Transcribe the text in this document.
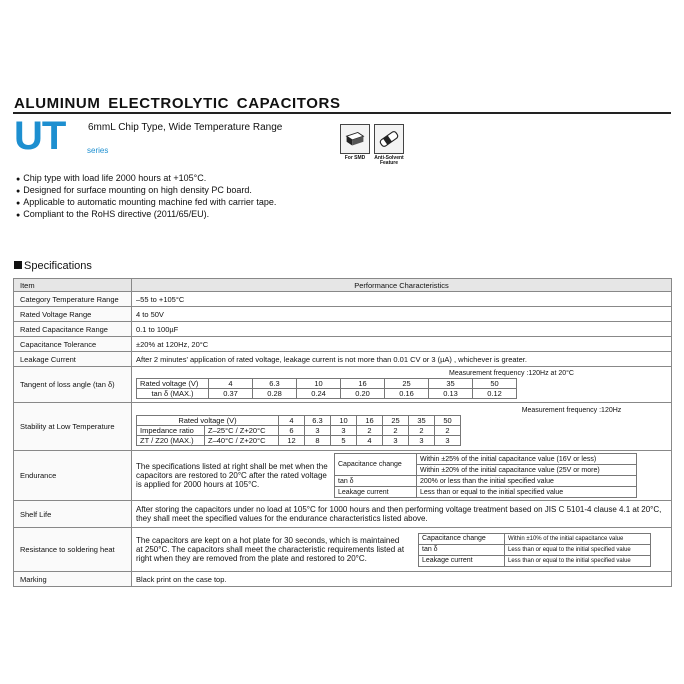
ALUMINUM ELECTROLYTIC CAPACITORS
UT	series
6mmL Chip Type, Wide Temperature Range
For SMD	Anti-Solvent Feature
● Chip type with load life 2000 hours at +105°C.
● Designed for surface mounting on high density PC board.
● Applicable to automatic mounting machine fed with carrier tape.
● Compliant to the RoHS directive (2011/65/EU).
Specifications
Item	Performance Characteristics
Category Temperature Range	–55 to +105°C
Rated Voltage Range	4 to 50V
Rated Capacitance Range	0.1 to 100µF
Capacitance Tolerance	±20% at 120Hz, 20°C
Leakage Current	After 2 minutes' application of rated voltage, leakage current is not more than 0.01 CV or 3 (µA) , whichever is greater.
Tangent of loss angle (tan δ)	
Measurement frequency :120Hz at 20°C
Rated voltage (V)	4	6.3	10	16	25	35	50
tan δ (MAX.)	0.37	0.28	0.24	0.20	0.16	0.13	0.12

Stability at Low Temperature	
Measurement frequency :120Hz
Rated voltage (V)	4	6.3	10	16	25	35	50
Impedance ratio	Z–25°C / Z+20°C	6	3	3	2	2	2	2
ZT / Z20 (MAX.)	Z–40°C / Z+20°C	12	8	5	4	3	3	3

Endurance	
The specifications listed at right shall be met when the capacitors are restored to 20°C after the rated voltage is applied for 2000 hours at 105°C.
Capacitance change	Within ±25% of the initial capacitance value (16V or less)
Within ±20% of the initial capacitance value (25V or more)
tan δ	200% or less than the initial specified value
Leakage current	Less than or equal to the initial specified value

Shelf Life	After storing the capacitors under no load at 105°C for 1000 hours and then performing voltage treatment based on JIS C 5101-4 clause 4.1 at 20°C, they shall meet the specified values for the endurance characteristics listed above.
Resistance to soldering heat	
The capacitors are kept on a hot plate for 30 seconds, which is maintained at 250°C. The capacitors shall meet the characteristic requirements listed at right when they are removed from the plate and restored to 20°C.
Capacitance change	Within ±10% of the initial capacitance value
tan δ	Less than or equal to the initial specified value
Leakage current	Less than or equal to the initial specified value

Marking	Black print on the case top.
